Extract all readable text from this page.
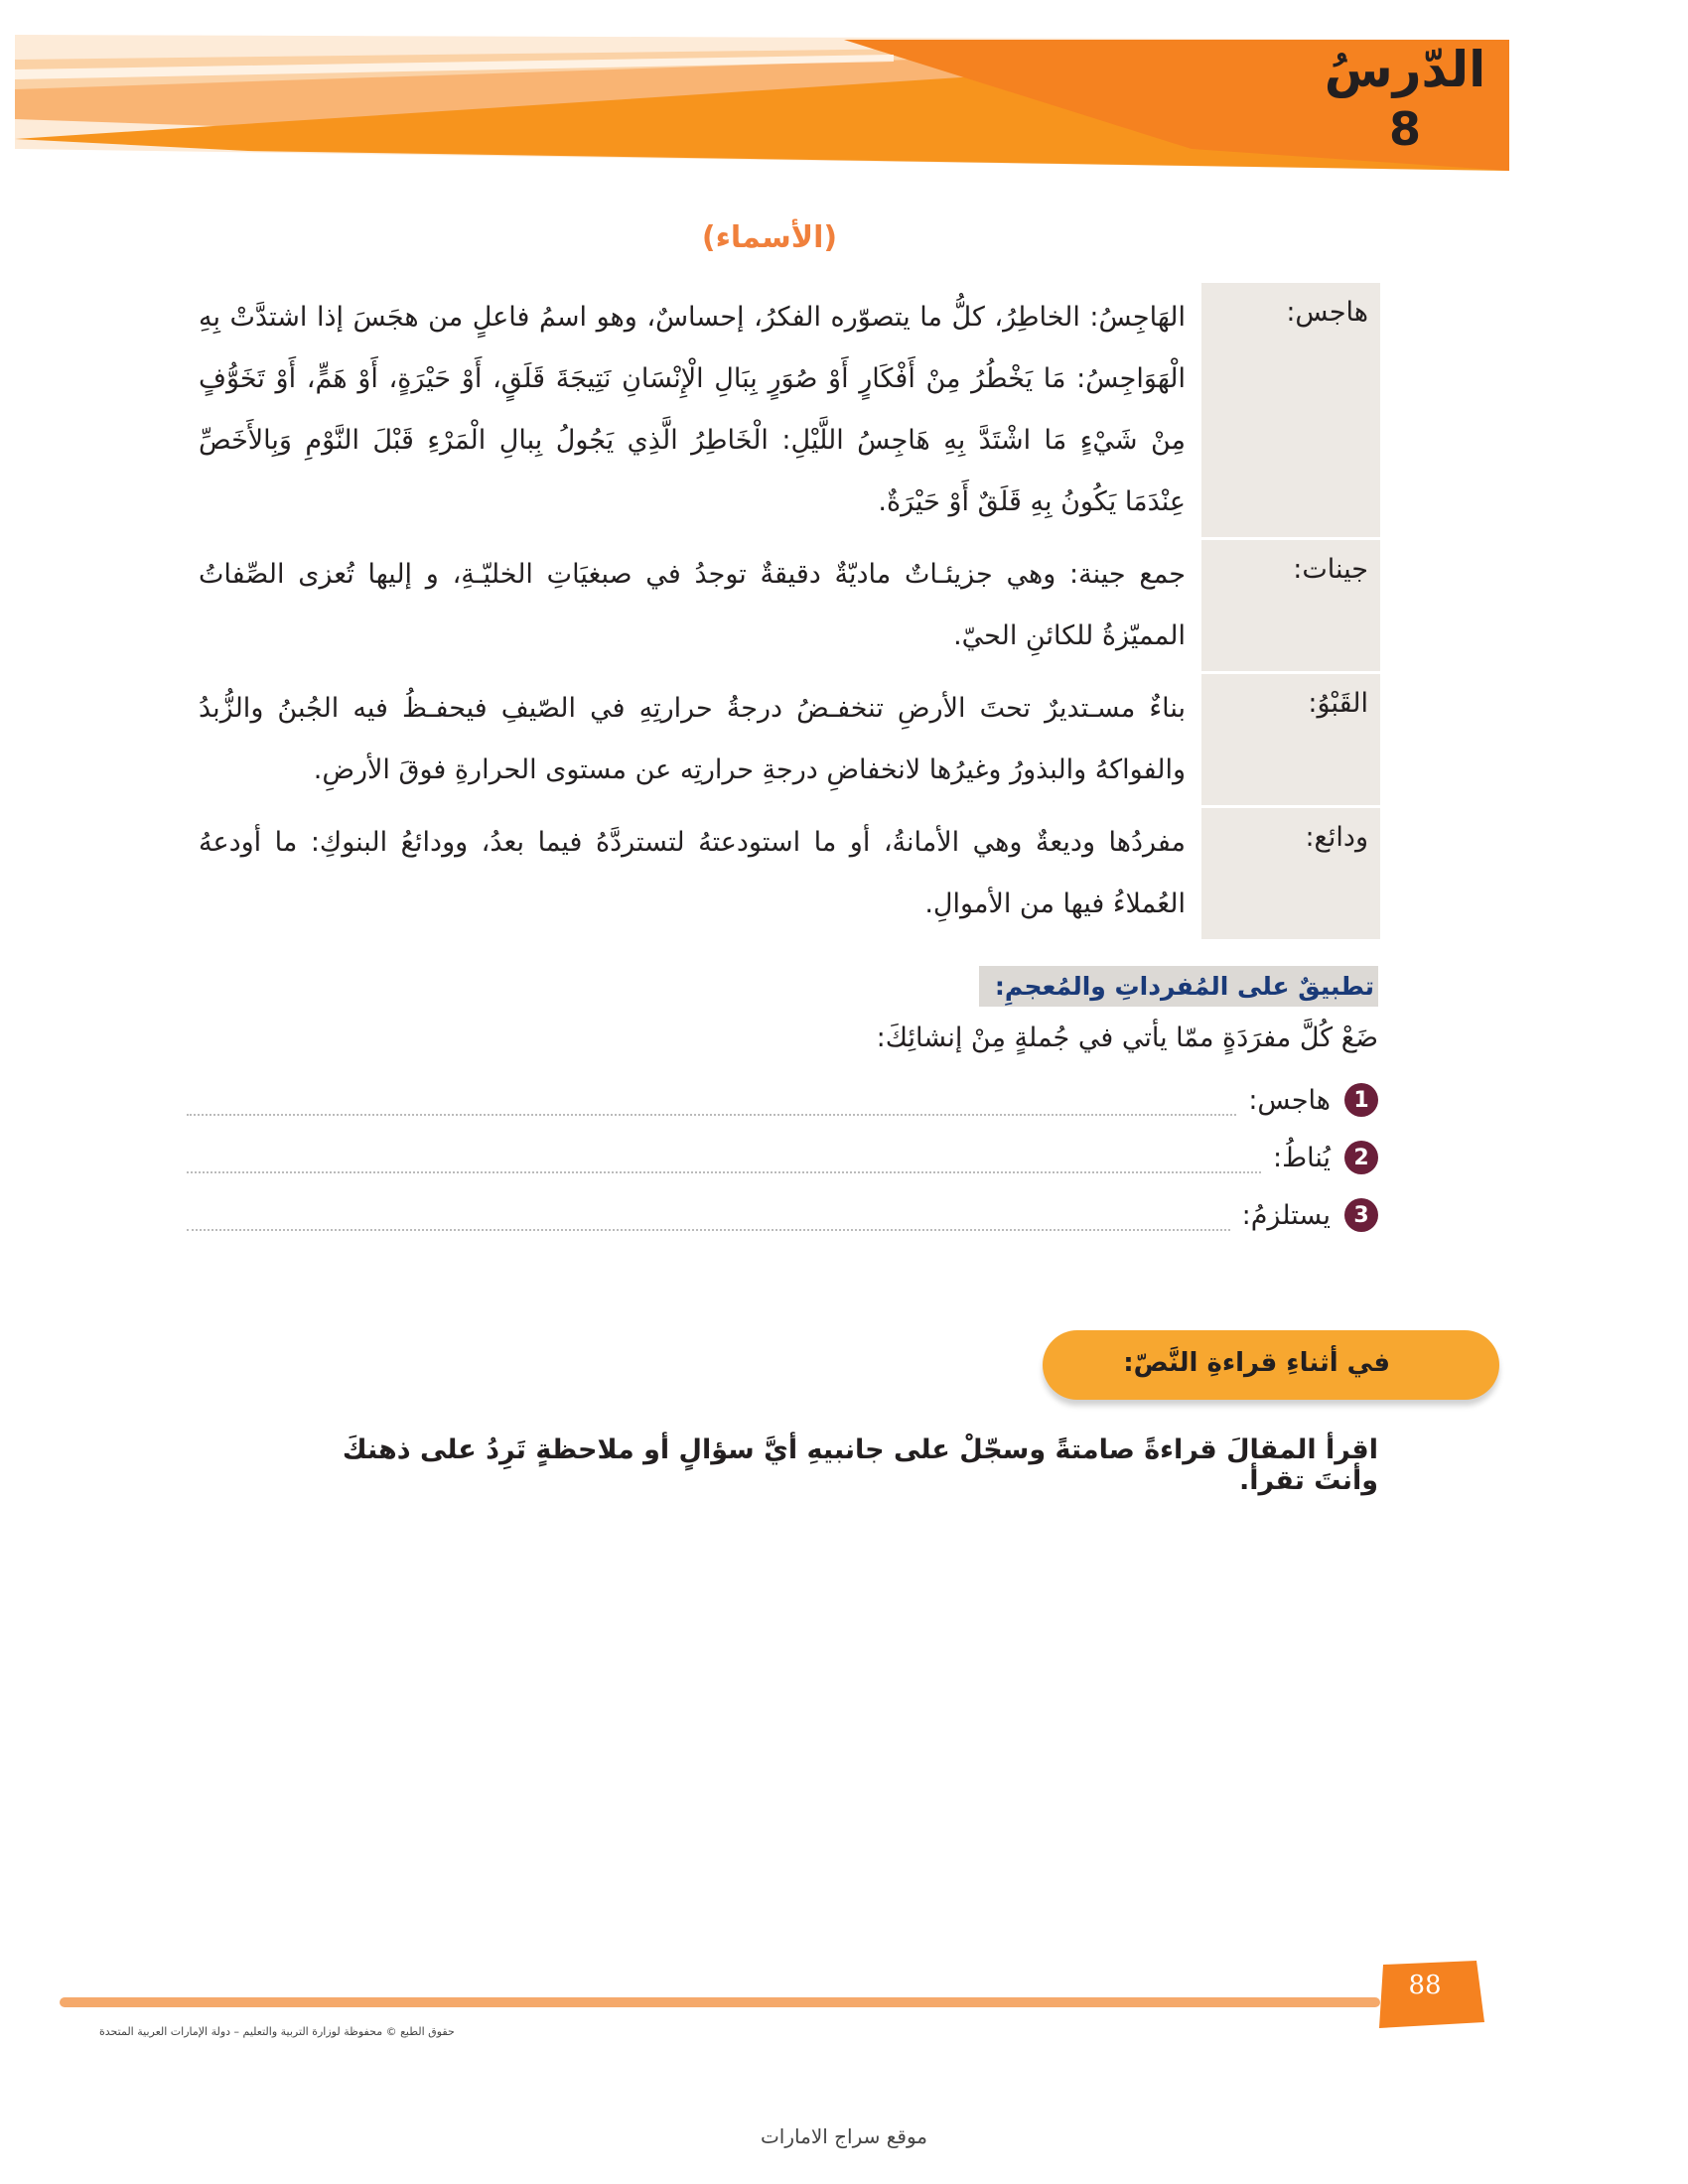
الدّرسُ
8
(الأسماء)
هاجس:
الهَاجِسُ: الخاطِرُ، كلُّ ما يتصوّره الفكرُ، إحساسٌ، وهو اسمُ فاعلٍ من هجَسَ إذا اشتدَّتْ بِهِ الْهَوَاجِسُ: مَا يَخْطُرُ مِنْ أَفْكَارٍ أَوْ صُوَرٍ بِبَالِ الْإِنْسَانِ نَتِيجَةَ قَلَقٍ، أَوْ حَيْرَةٍ، أَوْ هَمٍّ، أَوْ تَخَوُّفٍ مِنْ شَيْءٍ مَا اشْتَدَّ بِهِ هَاجِسُ اللَّيْلِ: الْخَاطِرُ الَّذِي يَجُولُ بِبالِ الْمَرْءِ قَبْلَ النَّوْمِ وَبِالأَخَصِّ عِنْدَمَا يَكُونُ بِهِ قَلَقٌ أَوْ حَيْرَةٌ.
جينات:
جمع جينة: وهي جزيئـاتٌ ماديّةٌ دقيقةٌ توجدُ في صبغيَاتِ الخليّـةِ، و إليها تُعزى الصِّفاتُ المميّزةُ للكائنِ الحيّ.
القَبْوُ:
بناءٌ مسـتديرٌ تحتَ الأرضِ تنخفـضُ درجةُ حرارتِهِ في الصّيفِ فيحفـظُ فيه الجُبنُ والزُّبدُ والفواكهُ والبذورُ وغيرُها لانخفاضِ درجةِ حرارتِه عن مستوى الحرارةِ فوقَ الأرضِ.
ودائع:
مفردُها وديعةٌ وهي الأمانةُ، أو ما استودعتهُ لتستردَّهُ فيما بعدُ، وودائعُ البنوكِ: ما أودعهُ العُملاءُ فيها من الأموالِ.
تطبيقٌ على المُفرداتِ والمُعجمِ:
ضَعْ كُلَّ مفرَدَةٍ ممّا يأتي في جُملةٍ مِنْ إنشائِكَ:
1
هاجس:
2
يُناطُ:
3
يستلزمُ:
في أثناءِ قراءةِ النَّصّ:
اقرأ المقالَ قراءةً صامتةً وسجّلْ على جانبيهِ أيَّ سؤالٍ أو ملاحظةٍ تَرِدُ على ذهنكَ وأنتَ تقرأ.
88
حقوق الطبع © محفوظة لوزارة التربية والتعليم – دولة الإمارات العربية المتحدة
موقع سراج الامارات
